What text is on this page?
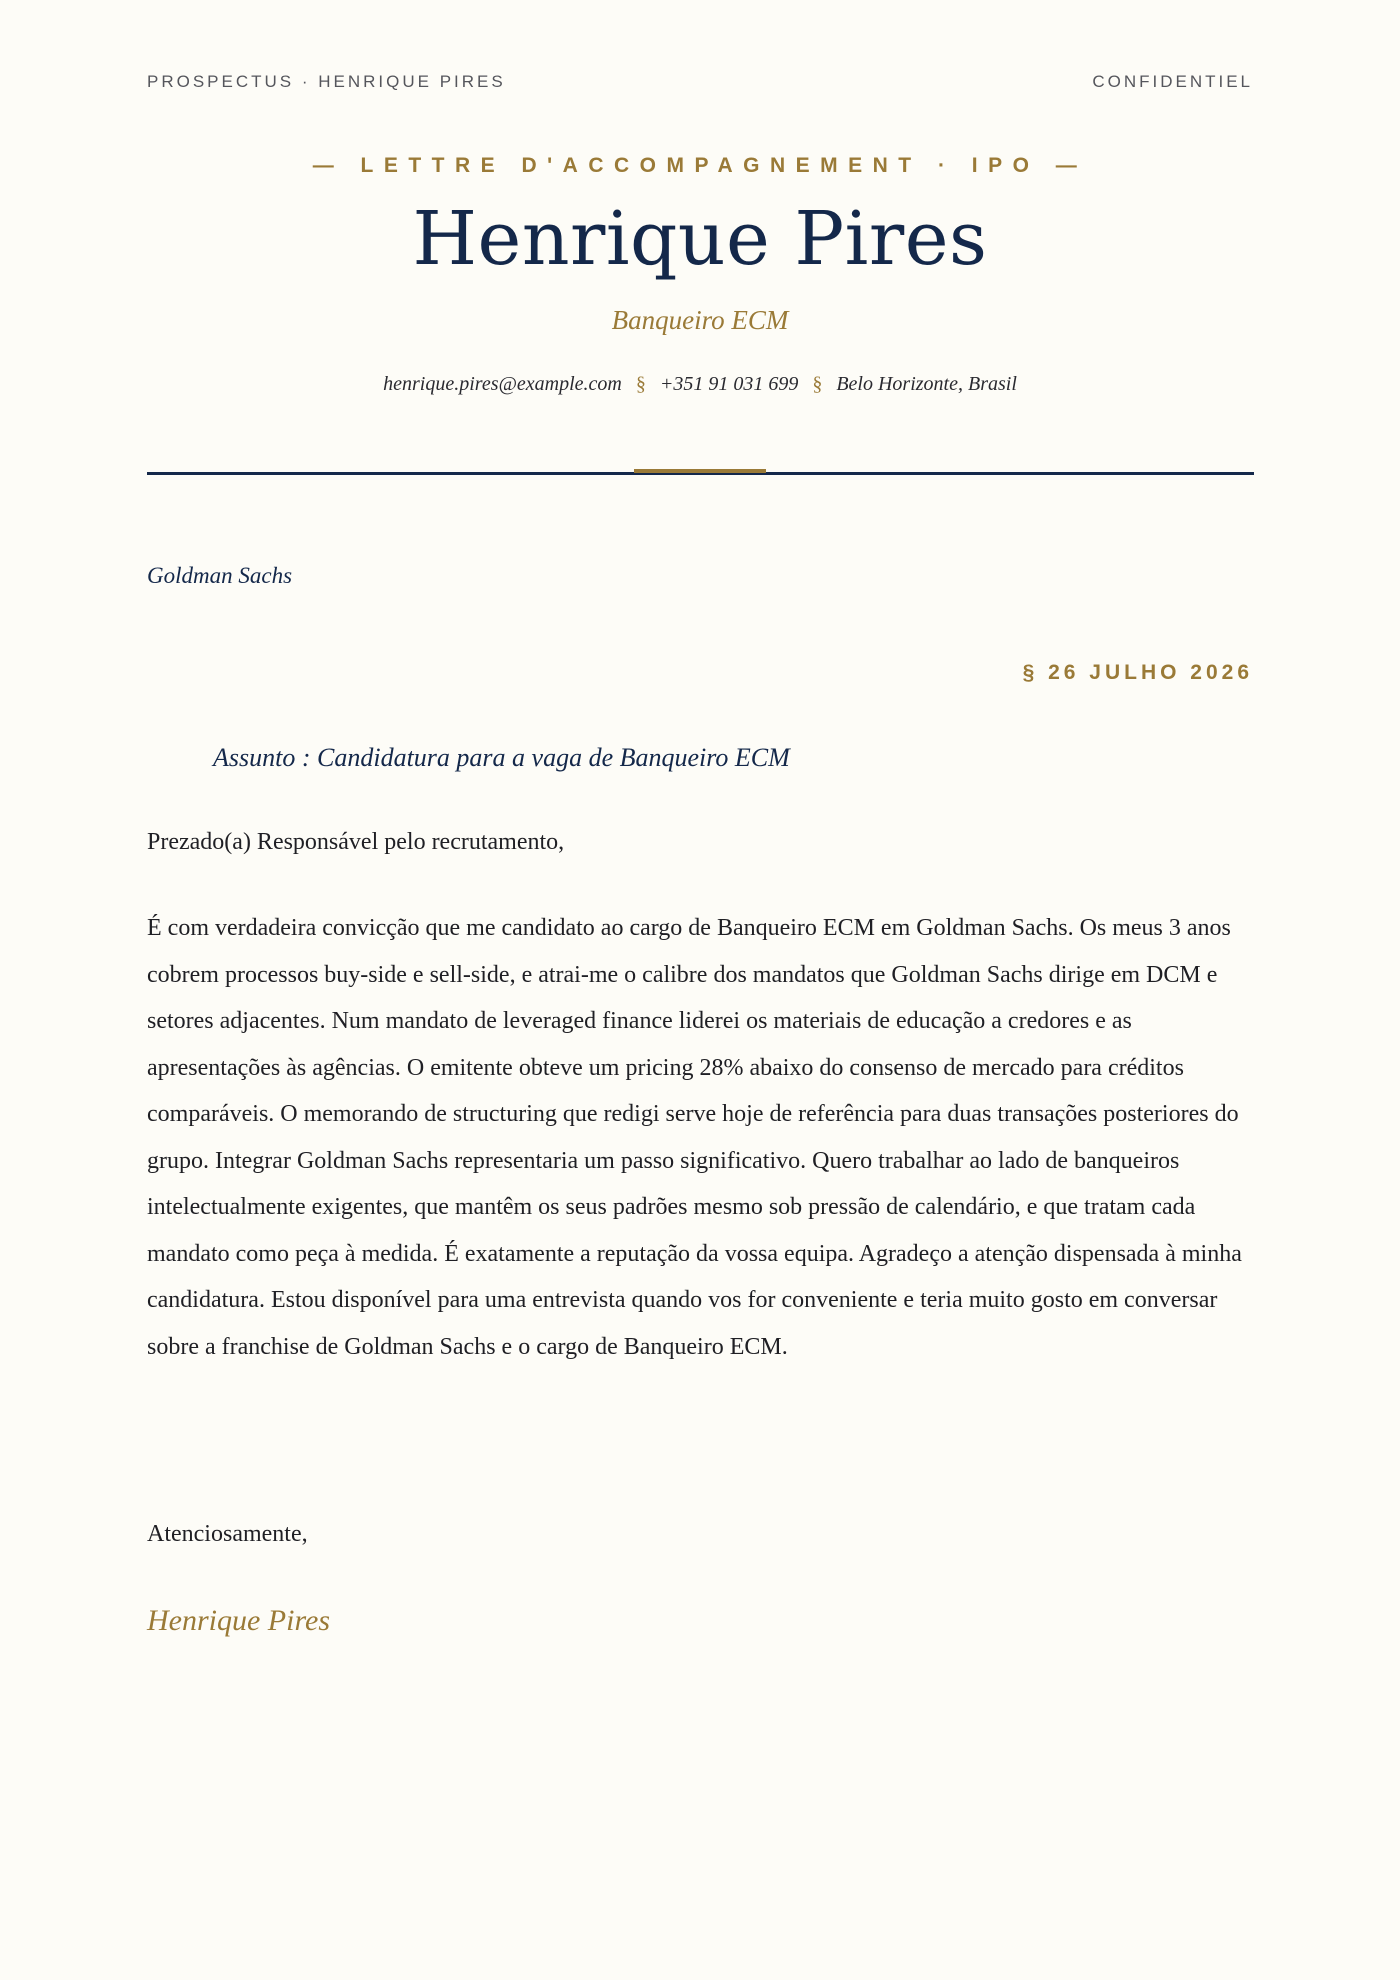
PROSPECTUS · HENRIQUE PIRES	CONFIDENTIEL
— LETTRE D'ACCOMPAGNEMENT · IPO —
Henrique Pires
Banqueiro ECM
henrique.pires@example.com § +351 91 031 699 § Belo Horizonte, Brasil
Goldman Sachs
§ 26 JULHO 2026
Assunto : Candidatura para a vaga de Banqueiro ECM
Prezado(a) Responsável pelo recrutamento,
É com verdadeira convicção que me candidato ao cargo de Banqueiro ECM em Goldman Sachs. Os meus 3 anos cobrem processos buy-side e sell-side, e atrai-me o calibre dos mandatos que Goldman Sachs dirige em DCM e setores adjacentes. Num mandato de leveraged finance liderei os materiais de educação a credores e as apresentações às agências. O emitente obteve um pricing 28% abaixo do consenso de mercado para créditos comparáveis. O memorando de structuring que redigi serve hoje de referência para duas transações posteriores do grupo. Integrar Goldman Sachs representaria um passo significativo. Quero trabalhar ao lado de banqueiros intelectualmente exigentes, que mantêm os seus padrões mesmo sob pressão de calendário, e que tratam cada mandato como peça à medida. É exatamente a reputação da vossa equipa. Agradeço a atenção dispensada à minha candidatura. Estou disponível para uma entrevista quando vos for conveniente e teria muito gosto em conversar sobre a franchise de Goldman Sachs e o cargo de Banqueiro ECM.
Atenciosamente,
Henrique Pires
